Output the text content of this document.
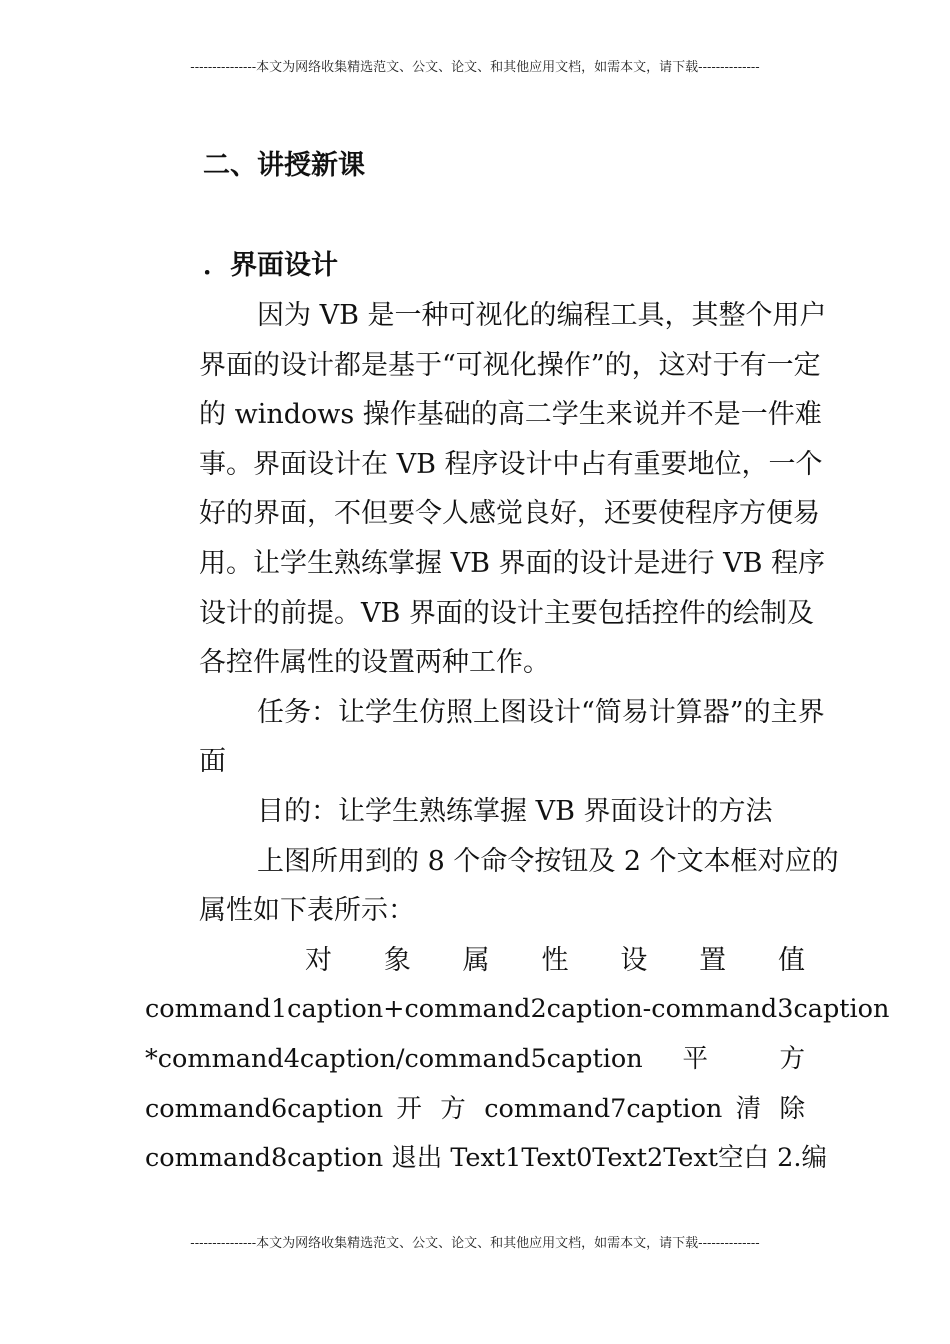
---------------本文为网络收集精选范文、公文、论文、和其他应用文档，如需本文，请下载--------------
二、讲授新课
．界面设计
因为 VB 是一种可视化的编程工具，其整个用户
界面的设计都是基于“可视化操作”的，这对于有一定
的 windows 操作基础的高二学生来说并不是一件难
事。界面设计在 VB 程序设计中占有重要地位，一个
好的界面，不但要令人感觉良好，还要使程序方便易
用。让学生熟练掌握 VB 界面的设计是进行 VB 程序
设计的前提。VB 界面的设计主要包括控件的绘制及
各控件属性的设置两种工作。
任务：让学生仿照上图设计“简易计算器”的主界
面
目的：让学生熟练掌握 VB 界面设计的方法
上图所用到的 8 个命令按钮及 2 个文本框对应的
属性如下表所示：
对 象 属 性 设 置 值
command1caption+command2caption-command3caption
*command4caption/command5caption 平 方
command6caption 开 方 command7caption 清 除
command8caption 退出 Text1Text0Text2Text空白 2.编
---------------本文为网络收集精选范文、公文、论文、和其他应用文档，如需本文，请下载--------------
